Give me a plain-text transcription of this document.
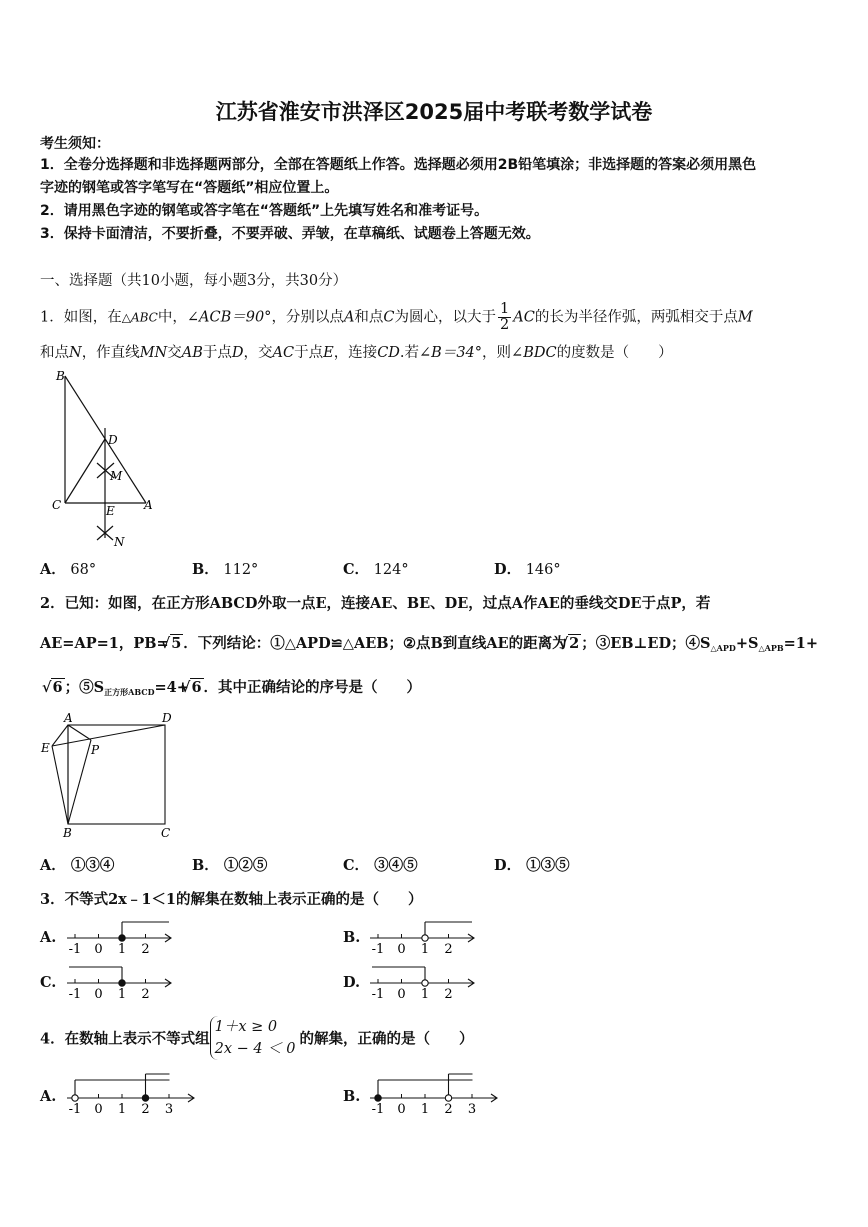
江苏省淮安市洪泽区2025届中考联考数学试卷
考生须知：
1．全卷分选择题和非选择题两部分，全部在答题纸上作答。选择题必须用2B铅笔填涂；非选择题的答案必须用黑色
字迹的钢笔或答字笔写在“答题纸”相应位置上。
2．请用黑色字迹的钢笔或答字笔在“答题纸”上先填写姓名和准考证号。
3．保持卡面清洁，不要折叠，不要弄破、弄皱，在草稿纸、试题卷上答题无效。
一、选择题（共10小题，每小题3分，共30分）
1．如图，在△ABC中，∠ACB＝90°，分别以点A和点C为圆心，以大于 $\frac{1}{2}$ AC的长为半径作弧，两弧相交于点M
和点N，作直线MN交AB于点D，交AC于点E，连接CD.若∠B＝34°，则∠BDC的度数是（　　）
B
D
M
C	E A
N
A． 68°	B． 112°	C． 124°	D． 146°
2．已知：如图，在正方形ABCD外取一点E，连接AE、BE、DE，过点A作AE的垂线交DE于点P，若
AE=AP=1，PB=√ 5 ．下列结论：①△APD≌△AEB；②点B到直线AE的距离为√ 2 ；③EB⊥ED；$④S_{\triangle APD}+S_{\triangle APB}=1+$
√ 6 ；$⑤S_{正方形ABCD}=4+√$ 6 ．其中正确结论的序号是（　　）
A	D
E	P
B	C
A． ①③④	B． ①②⑤	C． ③④⑤	D． ①③⑤
3．不等式2x﹣1＜1的解集在数轴上表示正确的是（　　）
A.
-1 0 1 2
B.
-1 0 1 2
C.
-1 0 1 2
D.
-1 0 1 2
4．在数轴上表示不等式组
1＋x ≥ 0
2x − 4 ＜ 0
的解集，正确的是（　　）
A.
-1 0 1 2 3
B.
-1 0 1 2 3
